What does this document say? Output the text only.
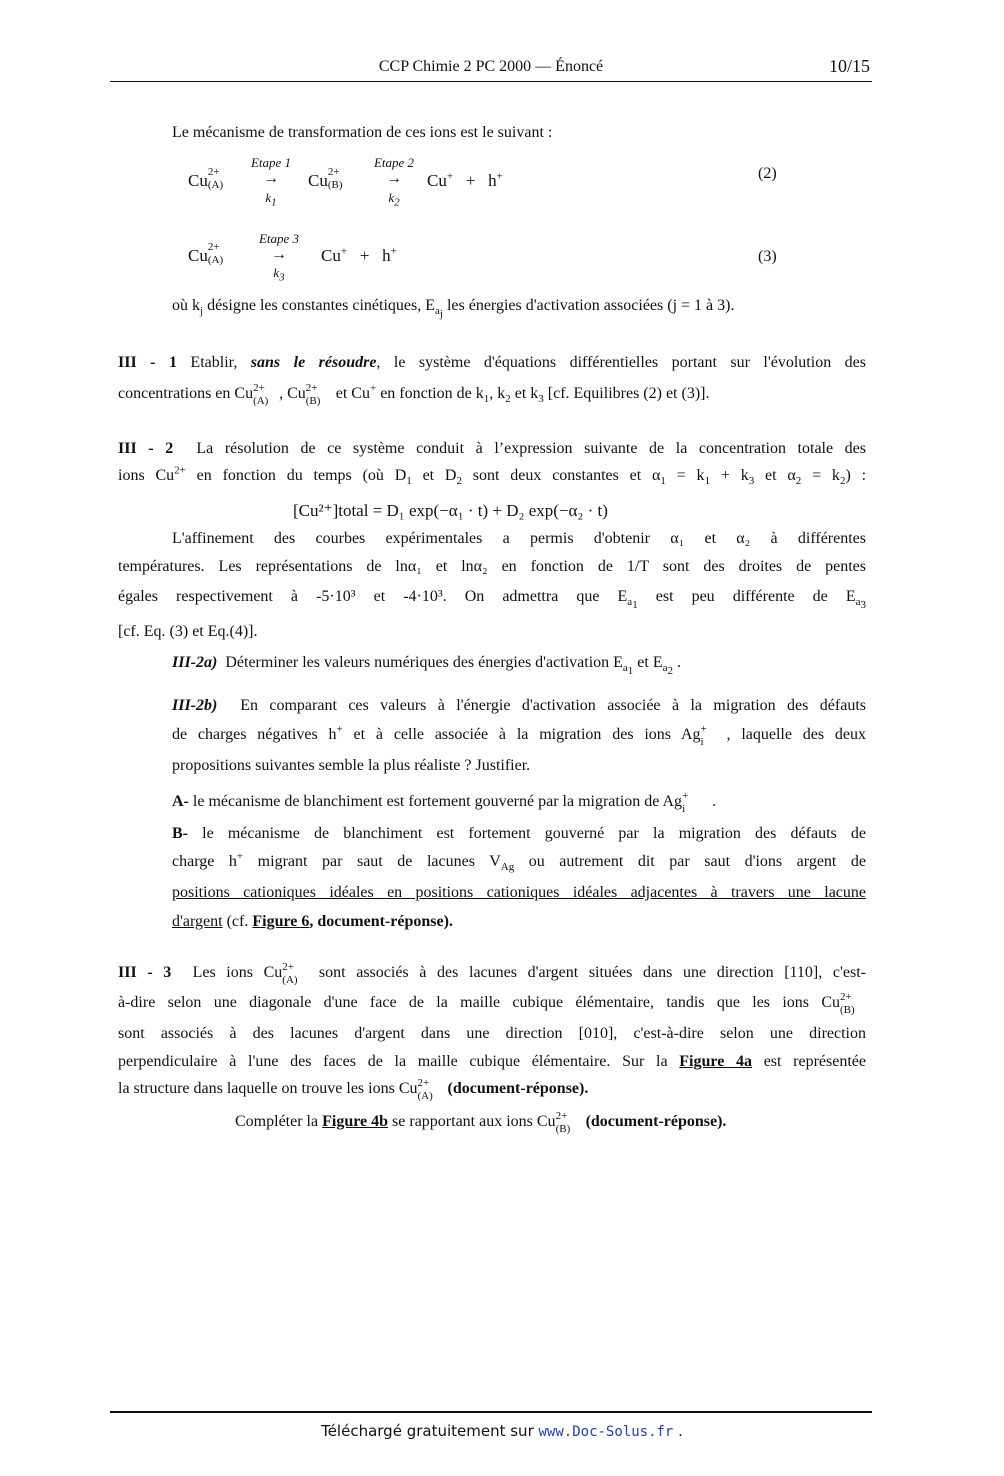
CCP Chimie 2 PC 2000 — Énoncé	10/15
Le mécanisme de transformation de ces ions est le suivant :
Cu 2+
(A)
Etape 1
→
$k_1$
Cu 2+
(B)
Etape 2
→
$k_2$
Cu+   +   h+	(2)
Cu 2+
(A)
Etape 3
→
$k_3$
Cu+   +   h+	(3)
où $k_j$ désigne les constantes cinétiques, $E_{a_j}$ les énergies d'activation associées (j = 1 à 3).
III - 1 Etablir, sans le résoudre, le système d'équations différentielles portant sur l'évolution des
concentrations en Cu 2+
(A) , Cu 2+
(B) et Cu+ en fonction de $k_1$, $k_2$ et $k_3$ [cf. Equilibres (2) et (3)].
III - 2 La résolution de ce système conduit à l’expression suivante de la concentration totale des
ions $Cu^{2+}$ en fonction du temps (où $D_1$ et $D_2$ sont deux constantes et $\alpha_1 = k_1 + k_3$ et $\alpha_2 = k_2$) :
[Cu²⁺]total = D₁ exp(−α₁ · t) + D₂ exp(−α₂ · t)
L'affinement des courbes expérimentales a permis d'obtenir α₁ et α₂ à différentes
températures. Les représentations de lnα₁ et lnα₂ en fonction de 1/T sont des droites de pentes
égales respectivement à -5·10³ et -4·10³. On admettra que $E_{a_1}$ est peu différente de $E_{a_3}$
[cf. Eq. (3) et Eq.(4)].
III-2a) Déterminer les valeurs numériques des énergies d'activation $E_{a_1}$ et $E_{a_2}$ .
III-2b) En comparant ces valeurs à l'énergie d'activation associée à la migration des défauts
de charges négatives h+ et à celle associée à la migration des ions Ag +
i , laquelle des deux
propositions suivantes semble la plus réaliste ? Justifier.
A- le mécanisme de blanchiment est fortement gouverné par la migration de Ag +
i .
B- le mécanisme de blanchiment est fortement gouverné par la migration des défauts de
charge h+ migrant par saut de lacunes $V_{Ag}$ ou autrement dit par saut d'ions argent de
positions cationiques idéales en positions cationiques idéales adjacentes à travers une lacune
d'argent (cf. Figure 6, document-réponse).
III - 3 Les ions Cu 2+
(A) sont associés à des lacunes d'argent situées dans une direction [110], c'est-
à-dire selon une diagonale d'une face de la maille cubique élémentaire, tandis que les ions Cu 2+
(B)
sont associés à des lacunes d'argent dans une direction [010], c'est-à-dire selon une direction
perpendiculaire à l'une des faces de la maille cubique élémentaire. Sur la Figure 4a est représentée
la structure dans laquelle on trouve les ions Cu 2+
(A) (document-réponse).
Compléter la Figure 4b se rapportant aux ions Cu 2+
(B) (document-réponse).
Téléchargé gratuitement sur www.Doc-Solus.fr .
